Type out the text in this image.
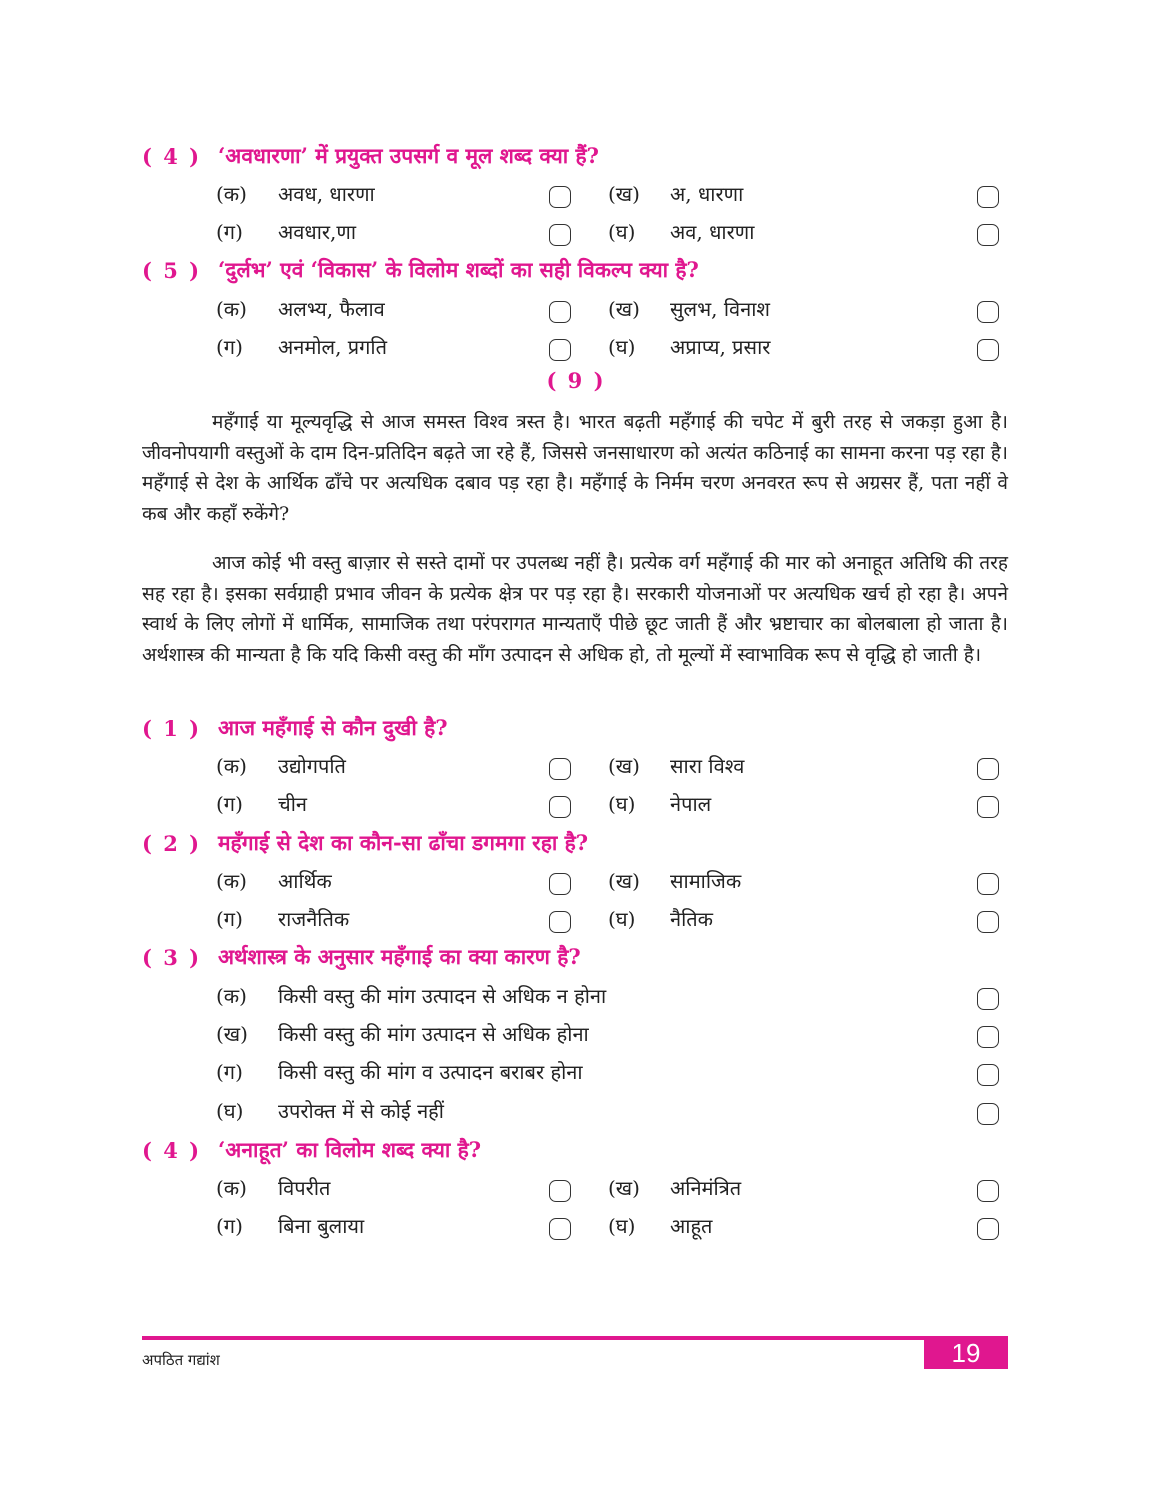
( 4 ) ‘अवधारणा’ में प्रयुक्त उपसर्ग व मूल शब्द क्या हैं?
(क)	अवध, धारणा	(ख)	अ, धारणा
(ग)	अवधार,णा	(घ)	अव, धारणा
( 5 ) ‘दुर्लभ’ एवं ‘विकास’ के विलोम शब्दों का सही विकल्प क्या है?
(क)	अलभ्य, फैलाव	(ख)	सुलभ, विनाश
(ग)	अनमोल, प्रगति	(घ)	अप्राप्य, प्रसार
( 9 )

महँगाई या मूल्यवृद्धि से आज समस्त विश्व त्रस्त है। भारत बढ़ती महँगाई की चपेट में बुरी तरह से जकड़ा हुआ है। जीवनोपयागी वस्तुओं के दाम दिन-प्रतिदिन बढ़ते जा रहे हैं, जिससे जनसाधारण को अत्यंत कठिनाई का सामना करना पड़ रहा है। महँगाई से देश के आर्थिक ढाँचे पर अत्यधिक दबाव पड़ रहा है। महँगाई के निर्मम चरण अनवरत रूप से अग्रसर हैं, पता नहीं वे कब और कहाँ रुकेंगे?

आज कोई भी वस्तु बाज़ार से सस्ते दामों पर उपलब्ध नहीं है। प्रत्येक वर्ग महँगाई की मार को अनाहूत अतिथि की तरह सह रहा है। इसका सर्वग्राही प्रभाव जीवन के प्रत्येक क्षेत्र पर पड़ रहा है। सरकारी योजनाओं पर अत्यधिक खर्च हो रहा है। अपने स्वार्थ के लिए लोगों में धार्मिक, सामाजिक तथा परंपरागत मान्यताएँ पीछे छूट जाती हैं और भ्रष्टाचार का बोलबाला हो जाता है। अर्थशास्त्र की मान्यता है कि यदि किसी वस्तु की माँग उत्पादन से अधिक हो, तो मूल्यों में स्वाभाविक रूप से वृद्धि हो जाती है।

( 1 ) आज महँगाई से कौन दुखी है?
(क)	उद्योगपति	(ख)	सारा विश्व
(ग)	चीन	(घ)	नेपाल
( 2 ) महँगाई से देश का कौन-सा ढाँचा डगमगा रहा है?
(क)	आर्थिक	(ख)	सामाजिक
(ग)	राजनैतिक	(घ)	नैतिक
( 3 ) अर्थशास्त्र के अनुसार महँगाई का क्या कारण है?
(क)	किसी वस्तु की मांग उत्पादन से अधिक न होना
(ख)	किसी वस्तु की मांग उत्पादन से अधिक होना
(ग)	किसी वस्तु की मांग व उत्पादन बराबर होना
(घ)	उपरोक्त में से कोई नहीं
( 4 ) ‘अनाहूत’ का विलोम शब्द क्या है?
(क)	विपरीत	(ख)	अनिमंत्रित
(ग)	बिना बुलाया	(घ)	आहूत
19
अपठित गद्यांश
